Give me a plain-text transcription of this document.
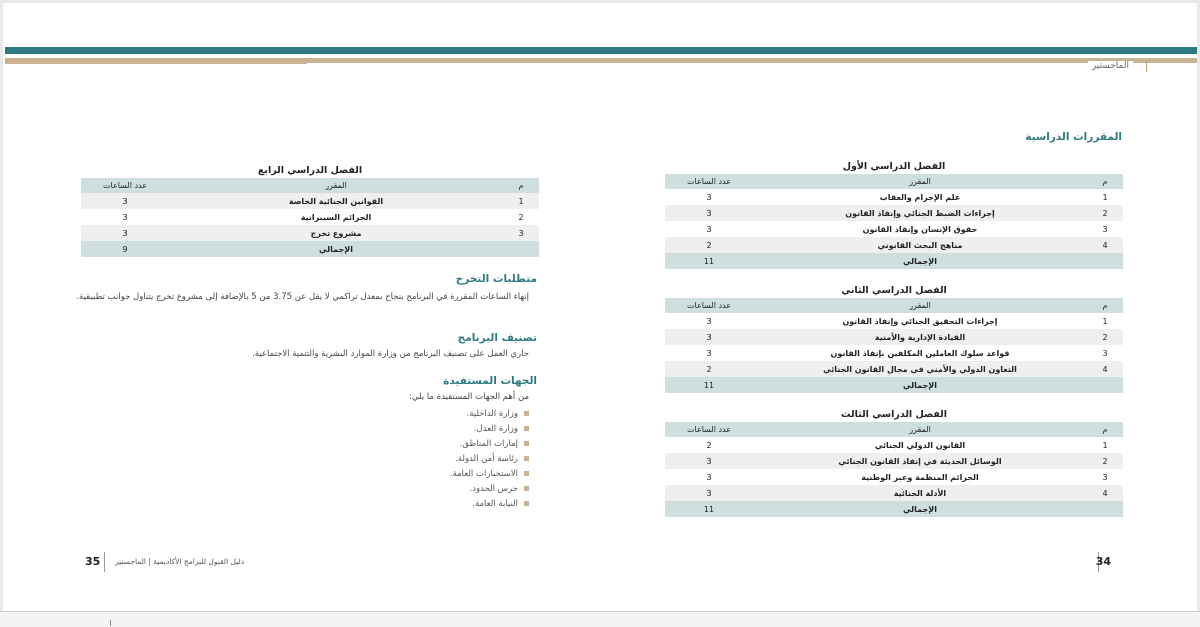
الماجستير
المقررات الدراسية
الفصل الدراسي الأول
م	المقرر	عدد الساعات
1	علم الإجرام والعقاب	3
2	إجراءات الضبط الجنائي وإنفاذ القانون	3
3	حقوق الإنسان وإنفاذ القانون	3
4	مناهج البحث القانوني	2
	الإجمالي	11
الفصل الدراسي الثاني
م	المقرر	عدد الساعات
1	إجراءات التحقيق الجنائي وإنفاذ القانون	3
2	القيادة الإدارية والأمنية	3
3	قواعد سلوك العاملين المكلفين بإنفاذ القانون	3
4	التعاون الدولي والأمني في مجال القانون الجنائي	2
	الإجمالي	11
الفصل الدراسي الثالث
م	المقرر	عدد الساعات
1	القانون الدولي الجنائي	2
2	الوسائل الحديثة في إنفاذ القانون الجنائي	3
3	الجرائم المنظمة وعبر الوطنية	3
4	الأدلة الجنائية	3
	الإجمالي	11
الفصل الدراسي الرابع
م	المقرر	عدد الساعات
1	القوانين الجنائية الخاصة	3
2	الجرائم السيبرانية	3
3	مشروع تخرج	3
	الإجمالي	9
متطلبات التخرج
إنهاء الساعات المقررة في البرنامج بنجاح بمعدل تراكمي لا يقل عن 3.75 من 5 بالإضافة إلى مشروع تخرج يتناول جوانب تطبيقية.
تصنيف البرنامج
جاري العمل على تصنيف البرنامج من وزارة الموارد البشرية والتنمية الاجتماعية.
الجهات المستفيدة
من أهم الجهات المستفيدة ما يلي:
وزارة الداخلية.
وزارة العدل.
إمارات المناطق.
رئاسة أمن الدولة.
الاستخبارات العامة.
حرس الحدود.
النيابة العامة.
35 دليل القبول للبرامج الأكاديمية | الماجستير	34
